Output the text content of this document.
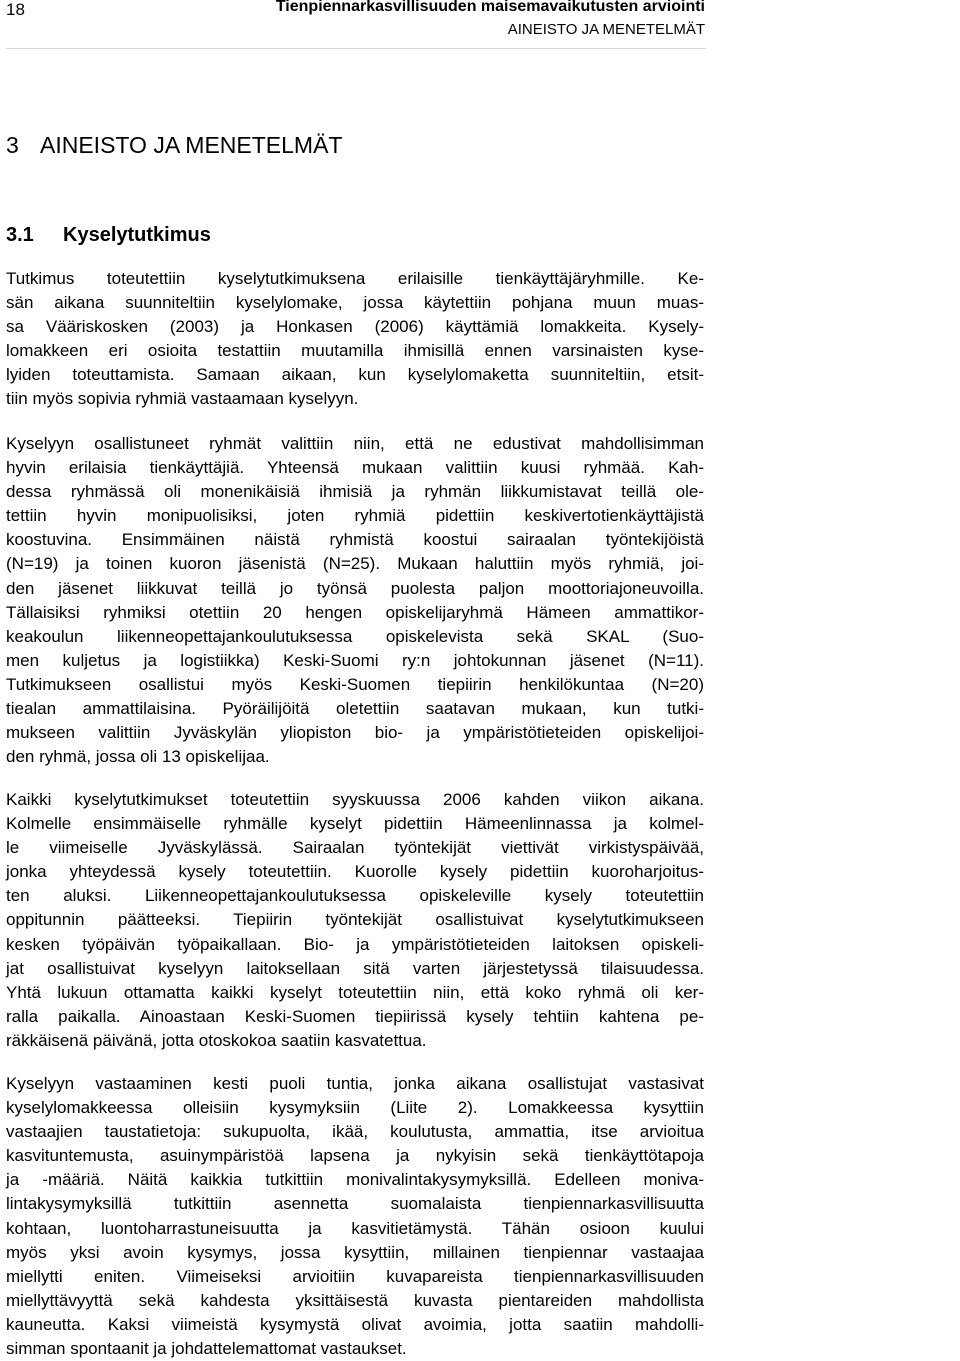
18	Tienpiennarkasvillisuuden maisemavaikutusten arviointi
AINEISTO JA MENETELMÄT
3 AINEISTO JA MENETELMÄT
3.1 Kyselytutkimus
Tutkimus toteutettiin kyselytutkimuksena erilaisille tienkäyttäjäryhmille. Ke-
sän aikana suunniteltiin kyselylomake, jossa käytettiin pohjana muun muas-
sa Vääriskosken (2003) ja Honkasen (2006) käyttämiä lomakkeita. Kysely-
lomakkeen eri osioita testattiin muutamilla ihmisillä ennen varsinaisten kyse-
lyiden toteuttamista. Samaan aikaan, kun kyselylomaketta suunniteltiin, etsit-
tiin myös sopivia ryhmiä vastaamaan kyselyyn.
Kyselyyn osallistuneet ryhmät valittiin niin, että ne edustivat mahdollisimman
hyvin erilaisia tienkäyttäjiä. Yhteensä mukaan valittiin kuusi ryhmää. Kah-
dessa ryhmässä oli monenikäisiä ihmisiä ja ryhmän liikkumistavat teillä ole-
tettiin hyvin monipuolisiksi, joten ryhmiä pidettiin keskivertotienkäyttäjistä
koostuvina. Ensimmäinen näistä ryhmistä koostui sairaalan työntekijöistä
(N=19) ja toinen kuoron jäsenistä (N=25). Mukaan haluttiin myös ryhmiä, joi-
den jäsenet liikkuvat teillä jo työnsä puolesta paljon moottoriajoneuvoilla.
Tällaisiksi ryhmiksi otettiin 20 hengen opiskelijaryhmä Hämeen ammattikor-
keakoulun liikenneopettajankoulutuksessa opiskelevista sekä SKAL (Suo-
men kuljetus ja logistiikka) Keski-Suomi ry:n johtokunnan jäsenet (N=11).
Tutkimukseen osallistui myös Keski-Suomen tiepiirin henkilökuntaa (N=20)
tiealan ammattilaisina. Pyöräilijöitä oletettiin saatavan mukaan, kun tutki-
mukseen valittiin Jyväskylän yliopiston bio- ja ympäristötieteiden opiskelijoi-
den ryhmä, jossa oli 13 opiskelijaa.
Kaikki kyselytutkimukset toteutettiin syyskuussa 2006 kahden viikon aikana.
Kolmelle ensimmäiselle ryhmälle kyselyt pidettiin Hämeenlinnassa ja kolmel-
le viimeiselle Jyväskylässä. Sairaalan työntekijät viettivät virkistyspäivää,
jonka yhteydessä kysely toteutettiin. Kuorolle kysely pidettiin kuoroharjoitus-
ten aluksi. Liikenneopettajankoulutuksessa opiskeleville kysely toteutettiin
oppitunnin päätteeksi. Tiepiirin työntekijät osallistuivat kyselytutkimukseen
kesken työpäivän työpaikallaan. Bio- ja ympäristötieteiden laitoksen opiskeli-
jat osallistuivat kyselyyn laitoksellaan sitä varten järjestetyssä tilaisuudessa.
Yhtä lukuun ottamatta kaikki kyselyt toteutettiin niin, että koko ryhmä oli ker-
ralla paikalla. Ainoastaan Keski-Suomen tiepiirissä kysely tehtiin kahtena pe-
räkkäisenä päivänä, jotta otoskokoa saatiin kasvatettua.
Kyselyyn vastaaminen kesti puoli tuntia, jonka aikana osallistujat vastasivat
kyselylomakkeessa olleisiin kysymyksiin (Liite 2). Lomakkeessa kysyttiin
vastaajien taustatietoja: sukupuolta, ikää, koulutusta, ammattia, itse arvioitua
kasvituntemusta, asuinympäristöä lapsena ja nykyisin sekä tienkäyttötapoja
ja -määriä. Näitä kaikkia tutkittiin monivalintakysymyksillä. Edelleen moniva-
lintakysymyksillä tutkittiin asennetta suomalaista tienpiennarkasvillisuutta
kohtaan, luontoharrastuneisuutta ja kasvitietämystä. Tähän osioon kuului
myös yksi avoin kysymys, jossa kysyttiin, millainen tienpiennar vastaajaa
miellytti eniten. Viimeiseksi arvioitiin kuvapareista tienpiennarkasvillisuuden
miellyttävyyttä sekä kahdesta yksittäisestä kuvasta pientareiden mahdollista
kauneutta. Kaksi viimeistä kysymystä olivat avoimia, jotta saatiin mahdolli-
simman spontaanit ja johdattelemattomat vastaukset.
